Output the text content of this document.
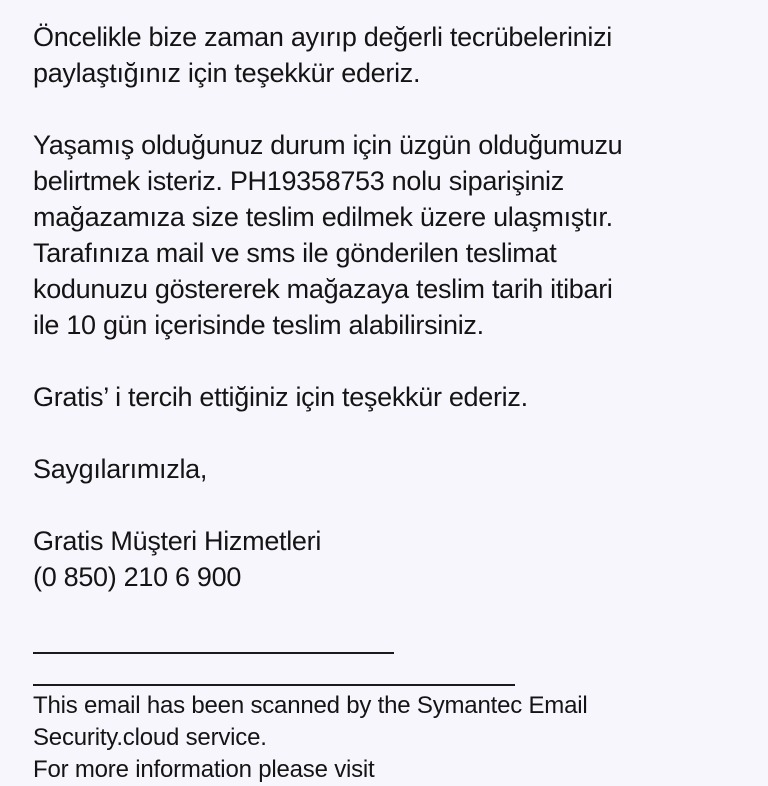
Öncelikle bize zaman ayırıp değerli tecrübelerinizi
paylaştığınız için teşekkür ederiz.

Yaşamış olduğunuz durum için üzgün olduğumuzu
belirtmek isteriz. PH19358753 nolu siparişiniz
mağazamıza size teslim edilmek üzere ulaşmıştır.
Tarafınıza mail ve sms ile gönderilen teslimat
kodunuzu göstererek mağazaya teslim tarih itibari
ile 10 gün içerisinde teslim alabilirsiniz.

Gratis’ i tercih ettiğiniz için teşekkür ederiz.

Saygılarımızla,

Gratis Müşteri Hizmetleri
(0 850) 210 6 900

This email has been scanned by the Symantec Email
Security.cloud service.
For more information please visit
